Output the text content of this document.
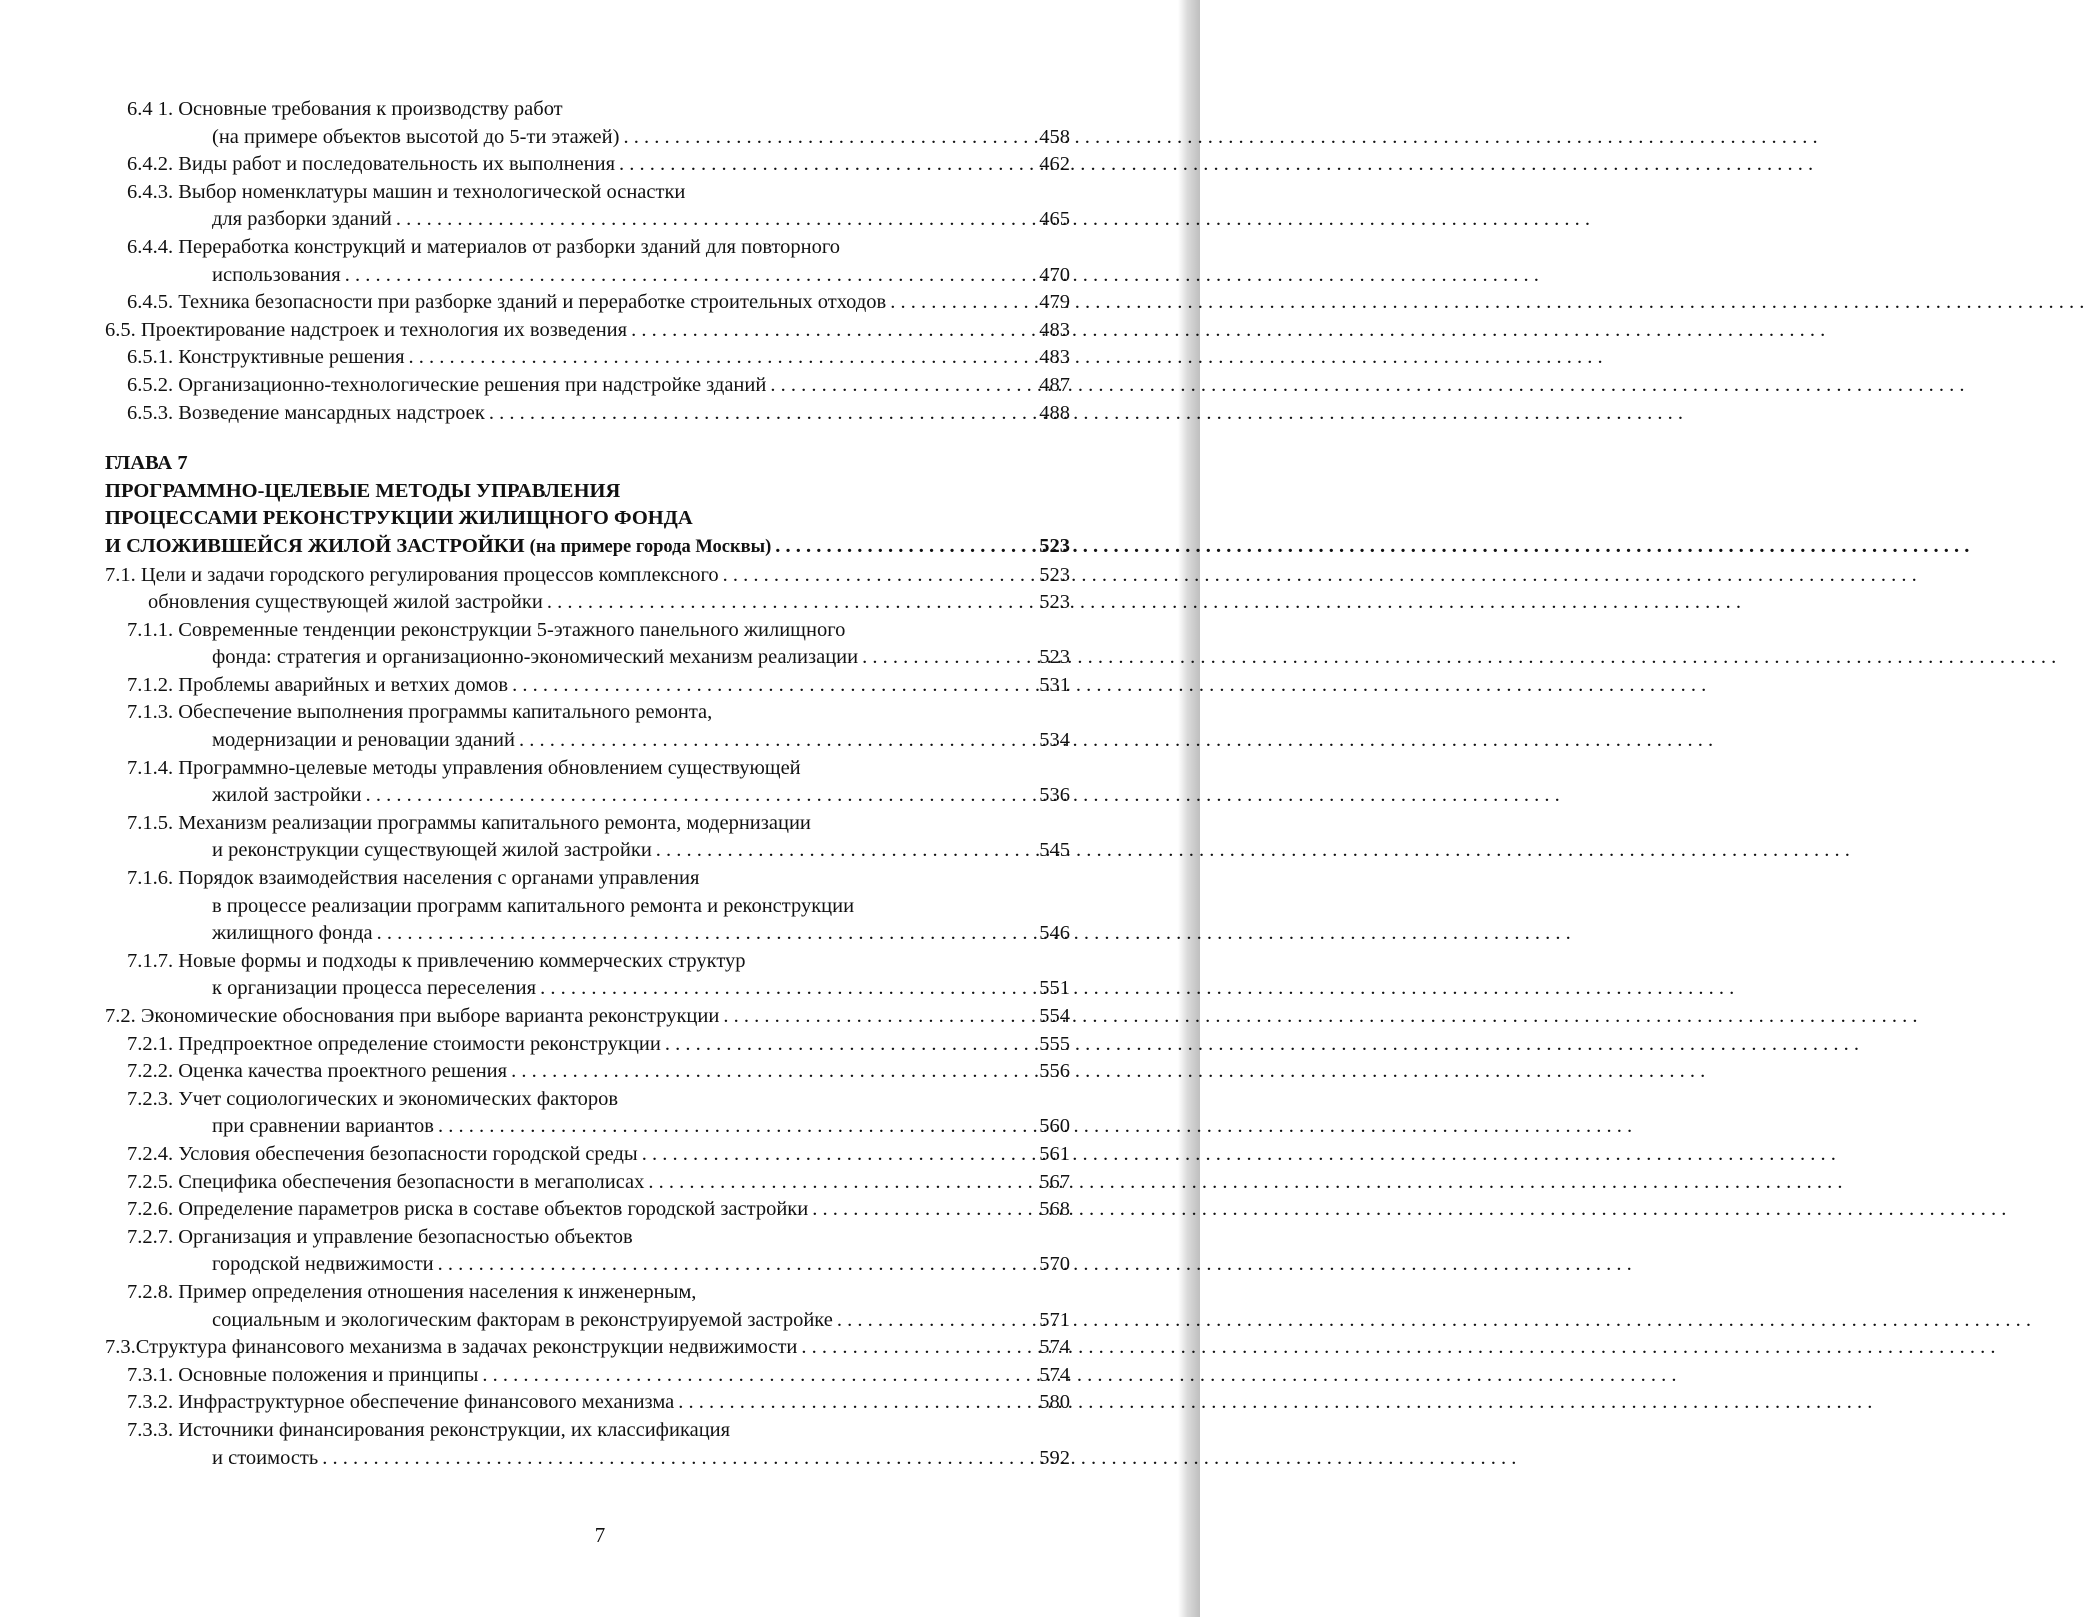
6.4 1. Основные требования к производству работ
(на примере объектов высотой до 5-ти этажей) . . .	458
6.4.2. Виды работ и последовательность их выполнения . . .	462
6.4.3. Выбор номенклатуры машин и технологической оснастки
для разборки зданий . . .	465
6.4.4. Переработка конструкций и материалов от разборки зданий для повторного
использования . . .	470
6.4.5. Техника безопасности при разборке зданий и переработке строительных отходов . . .	479
6.5. Проектирование надстроек и технология их возведения . . .	483
6.5.1. Конструктивные решения . . .	483
6.5.2. Организационно-технологические решения при надстройке зданий . . .	487
6.5.3. Возведение мансардных надстроек . . .	488
ГЛАВА 7
ПРОГРАММНО-ЦЕЛЕВЫЕ МЕТОДЫ УПРАВЛЕНИЯ
ПРОЦЕССАМИ РЕКОНСТРУКЦИИ ЖИЛИЩНОГО ФОНДА
И СЛОЖИВШЕЙСЯ ЖИЛОЙ ЗАСТРОЙКИ
(на примере города Москвы) . . .	523
7.1. Цели и задачи городского регулирования процессов комплексного . . .	523
обновления существующей жилой застройки . . .	523
7.1.1. Современные тенденции реконструкции 5-этажного панельного жилищного
фонда: стратегия и организационно-экономический механизм реализации . . .	523
7.1.2. Проблемы аварийных и ветхих домов . . .	531
7.1.3. Обеспечение выполнения программы капитального ремонта,
модернизации и реновации зданий . . .	534
7.1.4. Программно-целевые методы управления обновлением существующей
жилой застройки . . .	536
7.1.5. Механизм реализации программы капитального ремонта, модернизации
и реконструкции существующей жилой застройки . . .	545
7.1.6. Порядок взаимодействия населения с органами управления
в процессе реализации программ капитального ремонта и реконструкции
жилищного фонда . . .	546
7.1.7. Новые формы и подходы к привлечению коммерческих структур
к организации процесса переселения . . .	551
7.2. Экономические обоснования при выборе варианта реконструкции . . .	554
7.2.1. Предпроектное определение стоимости реконструкции . . .	555
7.2.2. Оценка качества проектного решения . . .	556
7.2.3. Учет социологических и экономических факторов
при сравнении вариантов . . .	560
7.2.4. Условия обеспечения безопасности городской среды . . .	561
7.2.5. Специфика обеспечения безопасности в мегаполисах . . .	567
7.2.6. Определение параметров риска в составе объектов городской застройки . . .	568
7.2.7. Организация и управление безопасностью объектов
городской недвижимости . . .	570
7.2.8. Пример определения отношения населения к инженерным,
социальным и экологическим факторам в реконструируемой застройке . . .	571
7.3.Структура финансового механизма в задачах реконструкции недвижимости . . .	574
7.3.1. Основные положения и принципы . . .	574
7.3.2. Инфраструктурное обеспечение финансового механизма . . .	580
7.3.3. Источники финансирования реконструкции, их классификация
и стоимость . . .	592
7
